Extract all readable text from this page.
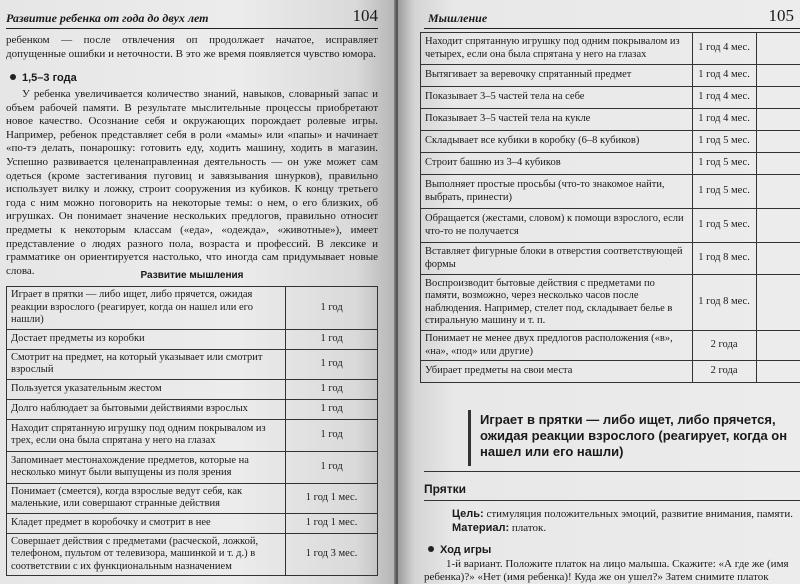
Развитие ребенка от года до двух лет	104
ребенком — после отвлечения оп продолжает начатое, исправляет допущенные ошибки и неточности. В это же время появляется чувство юмора.
1,5–3 года
У ребенка увеличивается количество знаний, навыков, словарный запас и объем рабочей памяти. В результате мыслительные процессы приобретают новое качество. Осознание себя и окружающих порождает ролевые игры. Например, ребенок представляет себя в роли «мамы» или «папы» и начинает «по-тэ делать, понарошку: готовить еду, ходить машину, ходить в магазин. Успешно развивается целенаправленная деятельность — он уже может сам одеться (кроме застегивания пуговиц и завязывания шнурков), правильно использует вилку и ложку, строит сооружения из кубиков. К концу третьего года с ним можно поговорить на некоторые темы: о нем, о его близких, об игрушках. Он понимает значение нескольких предлогов, правильно относит предметы к некоторым классам («еда», «одежда», «животные»), имеет представление о людях разного пола, возраста и профессий. В лексике и грамматике он ориентируется настолько, что иногда сам придумывает новые слова.	Развитие мышления
Играет в прятки — либо ищет, либо прячется, ожидая реакции взрослого (реагирует, когда он нашел или его нашли)	1 год
Достает предметы из коробки	1 год
Смотрит на предмет, на который указывает или смотрит взрослый	1 год
Пользуется указательным жестом	1 год
Долго наблюдает за бытовыми действиями взрослых	1 год
Находит спрятанную игрушку под одним покрывалом из трех, если она была спрятана у него на глазах	1 год
Запоминает местонахождение предметов, которые на несколько минут были выпущены из поля зрения	1 год
Понимает (смеется), когда взрослые ведут себя, как маленькие, или совершают странные действия	1 год 1 мес.
Кладет предмет в коробочку и смотрит в нее	1 год 1 мес.
Совершает действия с предметами (расческой, ложкой, телефоном, пультом от телевизора, машинкой и т. д.) в соответствии с их функциональным назначением	1 год 3 мес.
Мышление	105
Находит спрятанную игрушку под одним покрывалом из четырех, если она была спрятана у него на глазах	1 год 4 мес.	
Вытягивает за веревочку спрятанный предмет	1 год 4 мес.	
Показывает 3–5 частей тела на себе	1 год 4 мес.	
Показывает 3–5 частей тела на кукле	1 год 4 мес.	
Складывает все кубики в коробку (6–8 кубиков)	1 год 5 мес.	
Строит башню из 3–4 кубиков	1 год 5 мес.	
Выполняет простые просьбы (что-то знакомое найти, выбрать, принести)	1 год 5 мес.	
Обращается (жестами, словом) к помощи взрослого, если что-то не получается	1 год 5 мес.	
Вставляет фигурные блоки в отверстия соответствующей формы	1 год 8 мес.	
Воспроизводит бытовые действия с предметами по памяти, возможно, через несколько часов после наблюдения. Например, стелет под, складывает белье в стиральную машину и т. п.	1 год 8 мес.	
Понимает не менее двух предлогов расположения («в», «на», «под» или другие)	2 года	
Убирает предметы на свои места	2 года	
Играет в прятки — либо ищет, либо прячется, ожидая реакции взрослого (реагирует, когда он нашел или его нашли)
Прятки
Цель: стимуляция положительных эмоций, развитие внимания, памяти.
Материал: платок.
Ход игры
1-й вариант. Положите платок на лицо малыша. Скажите: «А где же (имя
ребенка)?» «Нет (имя ребенка)! Куда же он ушел?» Затем снимите платок
